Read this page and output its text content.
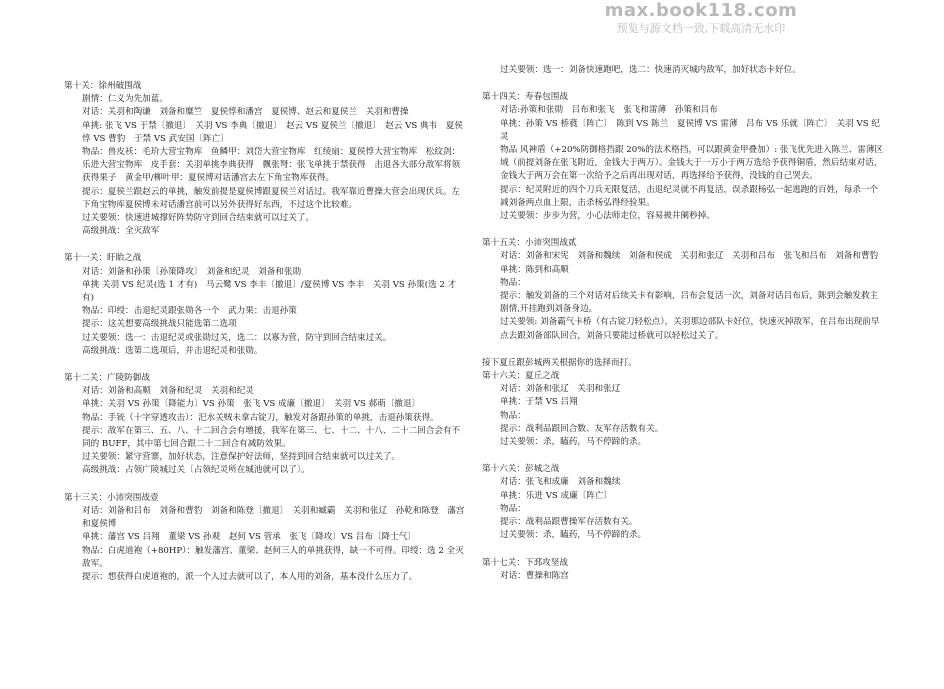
max.book118.com
预览与源文档一致,下载高清无水印
第十关：徐州破围战
剧情：仁义为先加蓝。
对话：关羽和陶谦　刘备和糜竺　夏侯惇和潘宫　夏侯博、赵云和夏侯兰　关羽和曹操
单挑: 张飞 VS 于禁〔撤退〕　关羽 VS 李典〔撤退〕　赵云 VS 夏侯兰〔撤退〕　赵云 VS 典韦　夏侯惇 VS 曹豹　于禁 VS 武安国〔阵亡〕
物品：兽皮袄：毛玠大营宝物库　鱼鳞甲：刘岱大营宝物库　红绫扇：夏侯惇大营宝物库　松纹剑：乐进大营宝物库　皮手套：关羽单挑李典获得　飘张弩：张飞单挑于禁获得　击退各大部分敌军将领获得果子　黄金甲/柳叶甲：夏侯博对话潘宫去左下角宝物库获得。
提示：夏侯兰跟赵云的单挑，触发前提是夏侯博跟夏侯兰对话过。我军靠近曹操大营会出现伏兵。左下角宝物库夏侯博未对话潘宫前可以另外获得好东西，不过这个比较难。
过关要领：快速进城撑好阵势防守到回合结束就可以过关了。
高级挑战：全灭敌军
第十一关：盱眙之战
对话：刘备和孙策〔孙策降攻〕　刘备和纪灵　刘备和张勋
单挑 关羽 VS 纪灵(选 1 才有)　马云鹭 VS 李丰〔撤退〕/夏侯博 VS 李丰　关羽 VS 孙策(选 2 才有)
物品：印绶：击退纪灵跟张勋各一个　武力果：击退孙策
提示：这关想要高级挑战只能选第二选项
过关要领：选一：击退纪灵或张勋过关，选二：以寡为营，防守到回合结束过关。
高级挑战：选第二选项后，并击退纪灵和张勋。
第十二关：广陵防御战
对话：刘备和高顺　刘备和纪灵　关羽和纪灵
单挑：关羽 VS 孙策〔降能力〕VS 孙策　张飞 VS 成廉〔撤退〕　关羽 VS 郝萌〔撤退〕
物品：手铳（十字穿透攻击）：汜水关贼未拿古锭刀，触发对备跟孙策的单挑，击退孙策获得。
提示：敌军在第三、五、八、十二回合会有增援，我军在第三、七、十二、十八、二十二回合会有不同的 BUFF，其中第七回合跟二十二回合有减防效果。
过关要领：紧守营寨，加好状态，注意保护好法师，坚持到回合结束就可以过关了。
高级挑战：占领广陵城过关〔占领纪灵所在城池就可以了〕。
第十三关：小沛突围战壹
对话：刘备和吕布　刘备和曹豹　刘备和陈登〔撤退〕　关羽和臧霸　关羽和张辽　孙乾和陈登　藩宫和夏侯博
单挑：藩宫 VS 吕翔　董梁 VS 孙观　赵何 VS 管承　张飞〔降攻〕VS 吕布〔降士气〕
物品：白虎道袍（+80HP）：触发藩宫、董梁、赵何三人的单挑获得，缺一不可得。印绶：选 2 全灭敌军。
提示：想获得白虎道袍的，派一个人过去就可以了，本人用的刘备，基本没什么压力了。
过关要领：选一：刘备快速跑吧，选二：快速消灭城内敌军，加好状态卡好位。
第十四关：寿春包围战
对话:孙策和张勋　吕布和张飞　张飞和雷薄　孙策和吕布
单挑：孙策 VS 桥蕤〔阵亡〕　陈到 VS 陈兰　夏侯博 VS 雷薄　吕布 VS 乐就〔阵亡〕　关羽 VS 纪灵
物品 风神盾（+20%防御格挡跟 20%的法术格挡，可以跟黄金甲叠加）: 张飞优先进入陈兰、雷薄区域（前提刘备在张飞附近，金钱大于两万）。金钱大于一万小于两万选给予获得铜盾，然后结束对话，金钱大于两万会在第一次给予之后再出现对话，再选择给予获得，没钱的自己哭去。
提示：纪灵附近的四个刀兵无限复活，击退纪灵就不再复活，误杀跟杨弘一起逃跑的百姓，每杀一个减刘备两点血上限，击杀杨弘得经验果。
过关要领：步步为营，小心法师走位，容易被井阑秒掉。
第十五关：小沛突围战贰
对话：刘备和宋宪　刘备和魏续　刘备和侯成　关羽和张辽　关羽和吕布　张飞和吕布　刘备和曹豹
单挑：陈到和高顺
物品：
提示：触发刘备的三个对话对后续关卡有影响，吕布会复活一次，刘备对话吕布后，陈到会触发救主剧情,开挂跑到刘备身边。
过关要领: 刘备霸气卡桥（有古锭刀轻松点），关羽那边部队卡好位，快速灭掉敌军，在吕布出现前早点去跟刘备部队回合，刘备只要能过桥就可以轻松过关了。
接下夏丘跟彭城两关根据你的选择而打。
第十六关：夏丘之战
对话：刘备和张辽　关羽和张辽
单挑：于禁 VS 吕翔
物品：
提示：战利品跟回合数、友军存活数有关。
过关要领：杀，瞌药，马不停蹄的杀。
第十六关：彭城之战
对话：张飞和成廉　刘备和魏续
单挑：乐进 VS 成廉〔阵亡〕
物品：
提示：战利品跟曹操军存活数有关。
过关要领：杀，瞌药，马不停蹄的杀。
第十七关：下邳攻坚战
对话：曹操和陈宫
